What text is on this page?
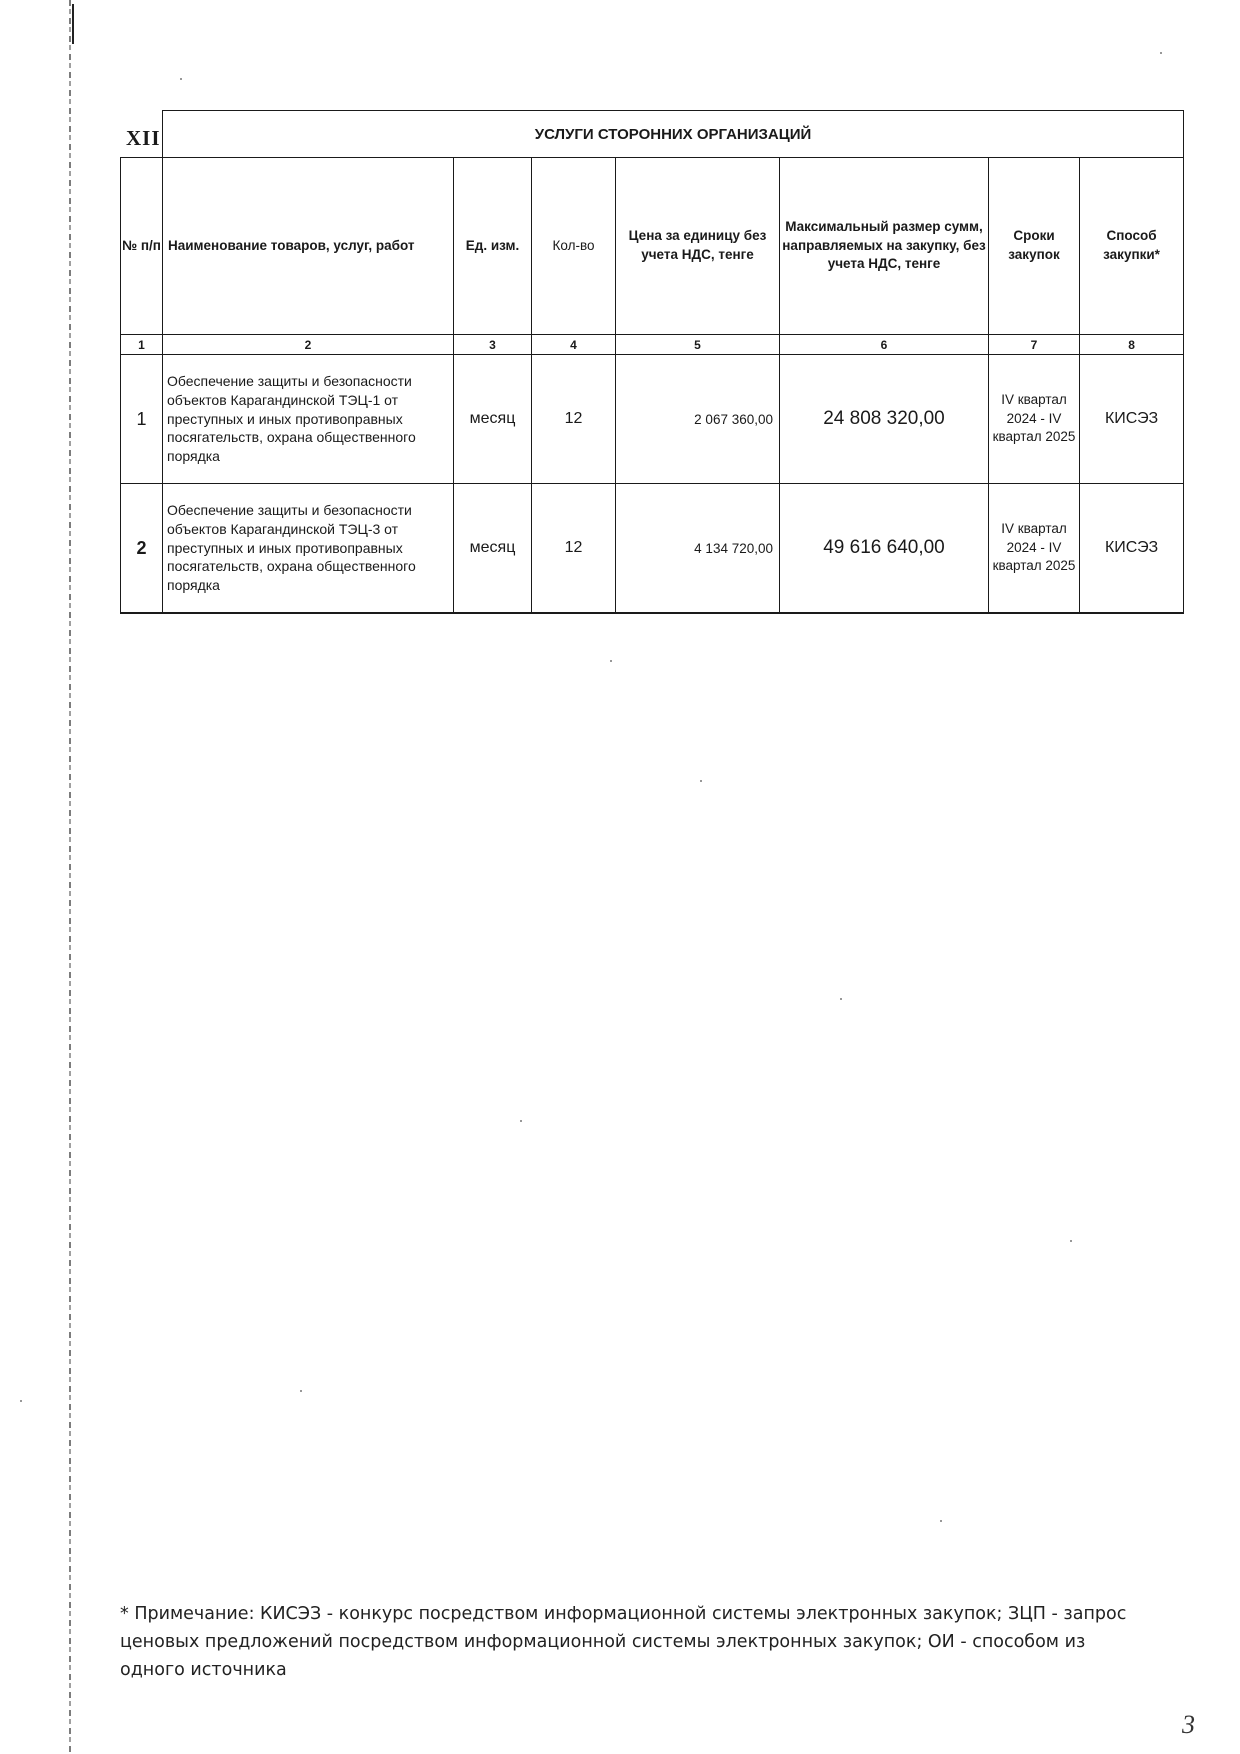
XII
		УСЛУГИ СТОРОННИХ ОРГАНИЗАЦИЙ						
№ п/п	Наименование товаров, услуг, работ	Ед. изм.	Кол-во	Цена за единицу без учета НДС, тенге	Максимальный размер сумм, направляемых на закупку, без учета НДС, тенге	Сроки закупок	Способ закупки*
1	2	3	4	5	6	7	8
1	Обеспечение защиты и безопасности объектов Карагандинской ТЭЦ-1 от преступных и иных противоправных посягательств, охрана общественного порядка	месяц	12	2 067 360,00	24 808 320,00	IV квартал 2024 - IV квартал 2025	КИСЭЗ
2	Обеспечение защиты и безопасности объектов Карагандинской ТЭЦ-3 от преступных и иных противоправных посягательств, охрана общественного порядка	месяц	12	4 134 720,00	49 616 640,00	IV квартал 2024 - IV квартал 2025	КИСЭЗ
* Примечание: КИСЭЗ - конкурс посредством информационной системы электронных закупок; ЗЦП - запрос ценовых предложений посредством информационной системы электронных закупок; ОИ - способом из одного источника
3
